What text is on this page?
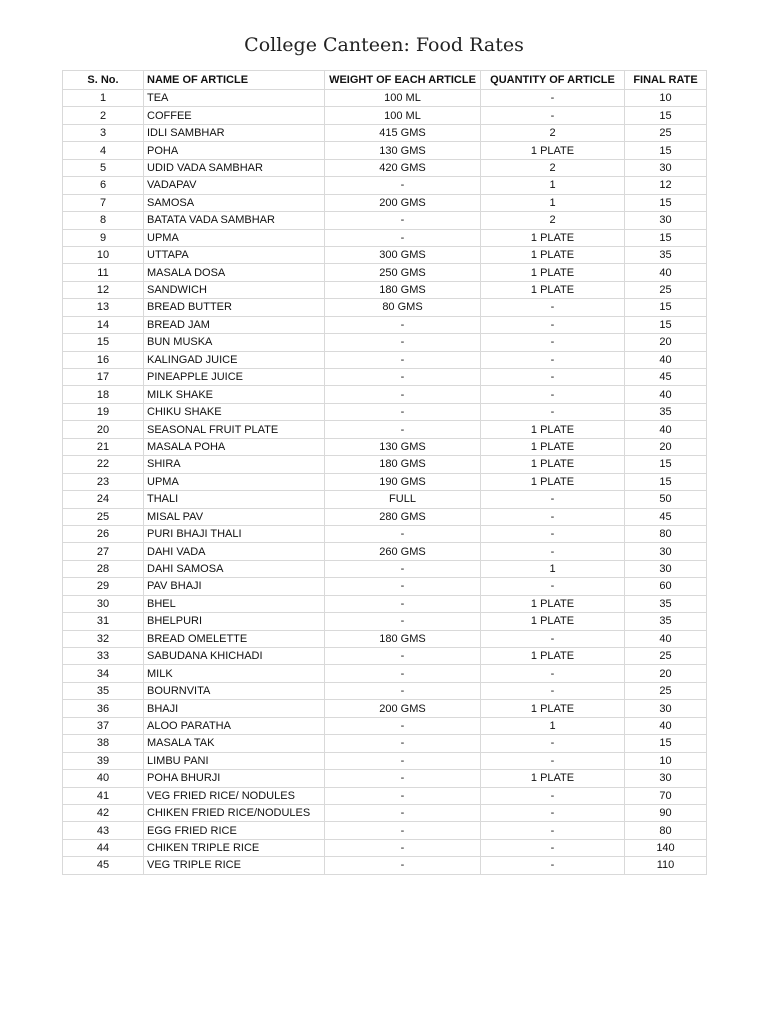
College Canteen: Food Rates
S. No.	NAME OF ARTICLE	WEIGHT OF EACH ARTICLE	QUANTITY OF ARTICLE	FINAL RATE
1	TEA	100 ML	-	10
2	COFFEE	100 ML	-	15
3	IDLI SAMBHAR	415 GMS	2	25
4	POHA	130 GMS	1 PLATE	15
5	UDID VADA SAMBHAR	420 GMS	2	30
6	VADAPAV	-	1	12
7	SAMOSA	200 GMS	1	15
8	BATATA VADA SAMBHAR	-	2	30
9	UPMA	-	1 PLATE	15
10	UTTAPA	300 GMS	1 PLATE	35
11	MASALA DOSA	250 GMS	1 PLATE	40
12	SANDWICH	180 GMS	1 PLATE	25
13	BREAD BUTTER	80 GMS	-	15
14	BREAD JAM	-	-	15
15	BUN MUSKA	-	-	20
16	KALINGAD JUICE	-	-	40
17	PINEAPPLE JUICE	-	-	45
18	MILK SHAKE	-	-	40
19	CHIKU SHAKE	-	-	35
20	SEASONAL FRUIT PLATE	-	1 PLATE	40
21	MASALA POHA	130 GMS	1 PLATE	20
22	SHIRA	180 GMS	1 PLATE	15
23	UPMA	190 GMS	1 PLATE	15
24	THALI	FULL	-	50
25	MISAL PAV	280 GMS	-	45
26	PURI BHAJI THALI	-	-	80
27	DAHI VADA	260 GMS	-	30
28	DAHI SAMOSA	-	1	30
29	PAV BHAJI	-	-	60
30	BHEL	-	1 PLATE	35
31	BHELPURI	-	1 PLATE	35
32	BREAD OMELETTE	180 GMS	-	40
33	SABUDANA KHICHADI	-	1 PLATE	25
34	MILK	-	-	20
35	BOURNVITA	-	-	25
36	BHAJI	200 GMS	1 PLATE	30
37	ALOO PARATHA	-	1	40
38	MASALA TAK	-	-	15
39	LIMBU PANI	-	-	10
40	POHA BHURJI	-	1 PLATE	30
41	VEG FRIED RICE/ NODULES	-	-	70
42	CHIKEN FRIED RICE/NODULES	-	-	90
43	EGG FRIED RICE	-	-	80
44	CHIKEN TRIPLE RICE	-	-	140
45	VEG TRIPLE RICE	-	-	110
